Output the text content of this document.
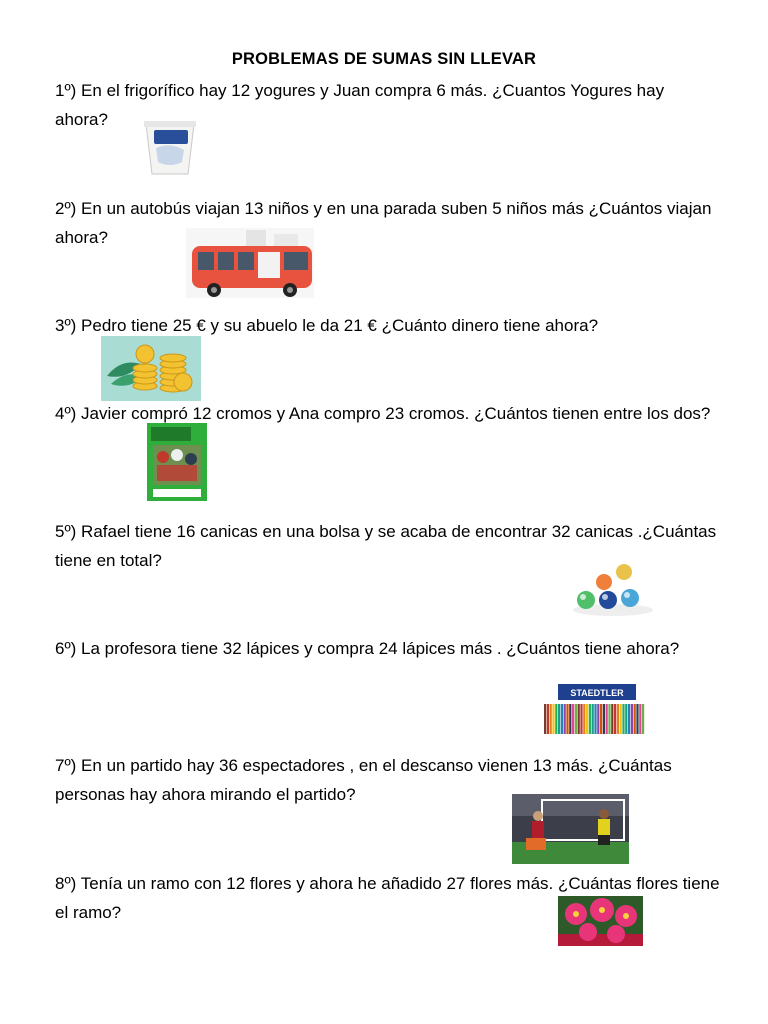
PROBLEMAS DE SUMAS SIN LLEVAR
1º) En el frigorífico hay 12 yogures y Juan compra 6 más. ¿Cuantos Yogures hay ahora?
2º) En un autobús viajan 13 niños y en una parada suben 5 niños más ¿Cuántos viajan ahora?
3º) Pedro tiene 25 € y su abuelo le da 21 € ¿Cuánto dinero tiene ahora?
4º) Javier compró 12 cromos y Ana compro 23 cromos. ¿Cuántos tienen entre los dos?
5º) Rafael tiene 16 canicas en una bolsa y se acaba de encontrar 32 canicas .¿Cuántas tiene en total?
6º) La profesora tiene 32 lápices y compra 24 lápices más . ¿Cuántos tiene ahora?
7º) En un partido hay 36 espectadores , en el descanso vienen 13 más. ¿Cuántas personas hay ahora mirando el partido?
8º) Tenía un ramo con 12 flores y ahora he añadido 27 flores más. ¿Cuántas flores tiene el ramo?
STAEDTLER
